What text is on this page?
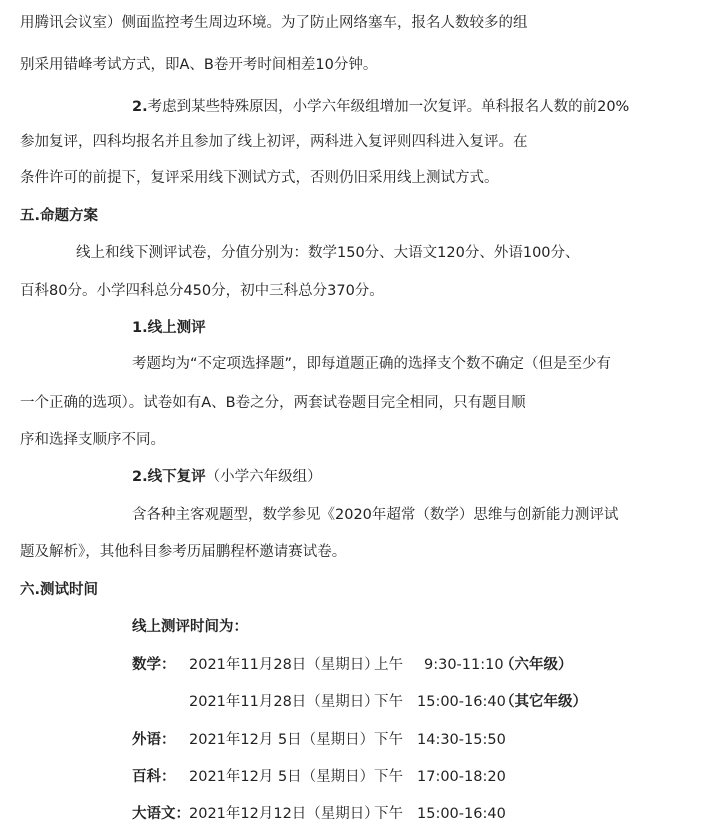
用腾讯会议室）侧面监控考生周边环境。为了防止网络塞车，报名人数较多的组
别采用错峰考试方式，即A、B卷开考时间相差10分钟。
2.考虑到某些特殊原因，小学六年级组增加一次复评。单科报名人数的前20%
参加复评，四科均报名并且参加了线上初评，两科进入复评则四科进入复评。在
条件许可的前提下，复评采用线下测试方式，否则仍旧采用线上测试方式。
五.命题方案
线上和线下测评试卷，分值分别为：数学150分、大语文120分、外语100分、
百科80分。小学四科总分450分，初中三科总分370分。
1.线上测评
考题均为“不定项选择题”，即每道题正确的选择支个数不确定（但是至少有
一个正确的选项）。试卷如有A、B卷之分，两套试卷题目完全相同，只有题目顺
序和选择支顺序不同。
2.线下复评（小学六年级组）
含各种主客观题型，数学参见《2020年超常（数学）思维与创新能力测评试
题及解析》，其他科目参考历届鹏程杯邀请赛试卷。
六.测试时间
线上测评时间为：
数学： 2021年11月28日（星期日）
上午 9:30-11:10
（六年级）
2021年11月28日（星期日）
下午 15:00-16:40
（其它年级）
外语： 2021年12月 5日（星期日） 下午 14:30-15:50
百科： 2021年12月 5日（星期日） 下午 17:00-18:20
大语文： 2021年12月12日（星期日）
下午 15:00-16:40
